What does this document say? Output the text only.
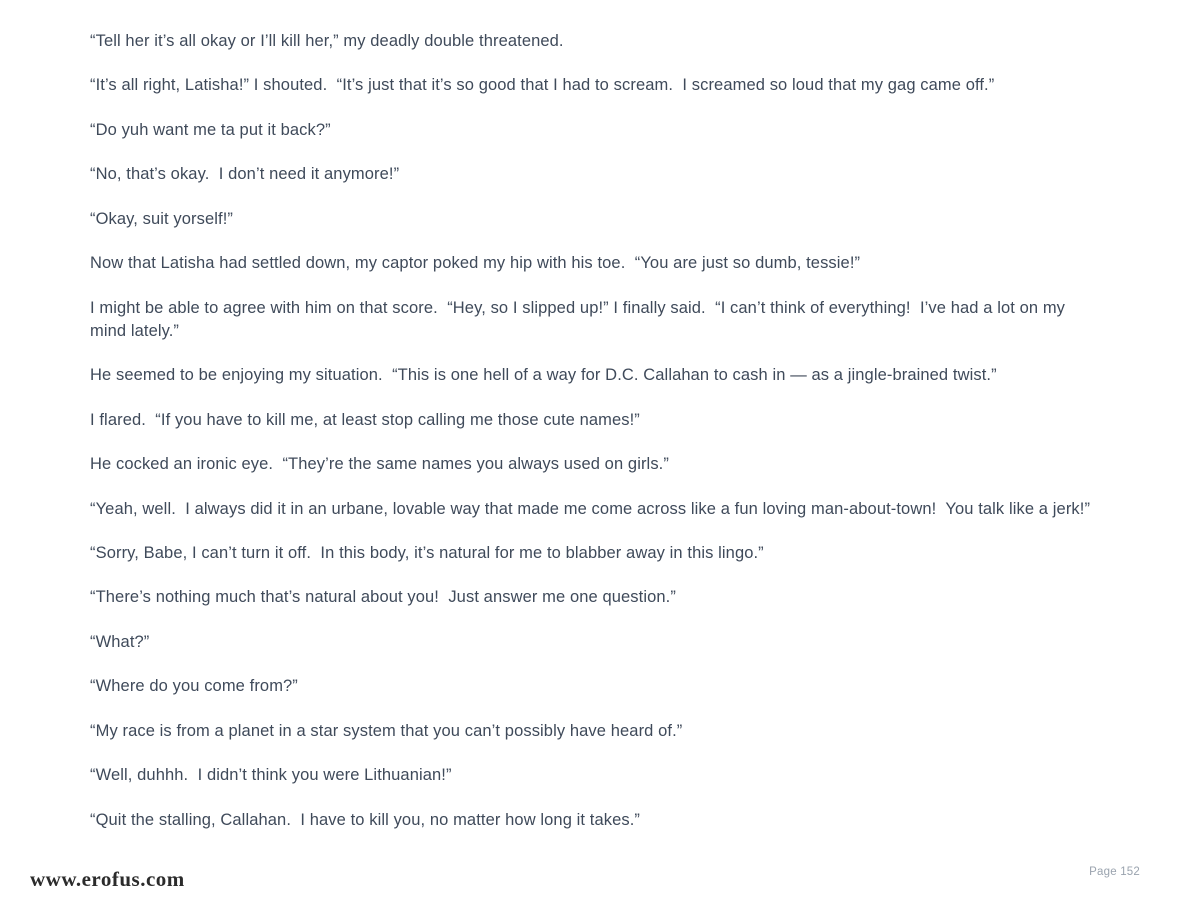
“Tell her it’s all okay or I’ll kill her,” my deadly double threatened.

“It’s all right, Latisha!” I shouted.  “It’s just that it’s so good that I had to scream.  I screamed so loud that my gag came off.”

“Do yuh want me ta put it back?”

“No, that’s okay.  I don’t need it anymore!”

“Okay, suit yorself!”

Now that Latisha had settled down, my captor poked my hip with his toe.  “You are just so dumb, tessie!”

I might be able to agree with him on that score.  “Hey, so I slipped up!” I finally said.  “I can’t think of everything!  I’ve had a lot on my mind lately.”

He seemed to be enjoying my situation.  “This is one hell of a way for D.C. Callahan to cash in — as a jingle-brained twist.”

I flared.  “If you have to kill me, at least stop calling me those cute names!”

He cocked an ironic eye.  “They’re the same names you always used on girls.”

“Yeah, well.  I always did it in an urbane, lovable way that made me come across like a fun loving man-about-town!  You talk like a jerk!”

“Sorry, Babe, I can’t turn it off.  In this body, it’s natural for me to blabber away in this lingo.”

“There’s nothing much that’s natural about you!  Just answer me one question.”

“What?”

“Where do you come from?”

“My race is from a planet in a star system that you can’t possibly have heard of.”

“Well, duhhh.  I didn’t think you were Lithuanian!”

“Quit the stalling, Callahan.  I have to kill you, no matter how long it takes.”

Page 152
www.erofus.com
